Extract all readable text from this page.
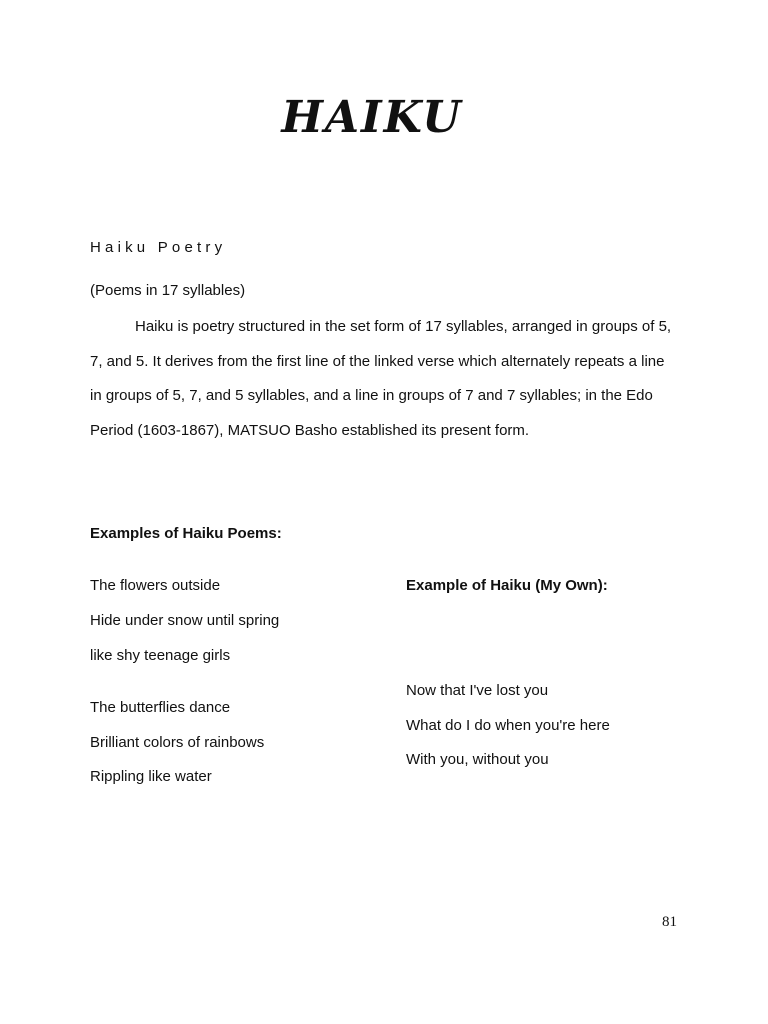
HAIKU
Haiku Poetry
(Poems in 17 syllables)
Haiku is poetry structured in the set form of 17 syllables, arranged in groups of 5,
7, and 5. It derives from the first line of the linked verse which alternately repeats a line
in groups of 5, 7, and 5 syllables, and a line in groups of 7 and 7 syllables; in the Edo
Period (1603-1867), MATSUO Basho established its present form.
Examples of Haiku Poems:
The flowers outside
Hide under snow until spring
like shy teenage girls
The butterflies dance
Brilliant colors of rainbows
Rippling like water
Example of Haiku (My Own):
Now that I've lost you
What do I do when you're here
With you, without you
81
